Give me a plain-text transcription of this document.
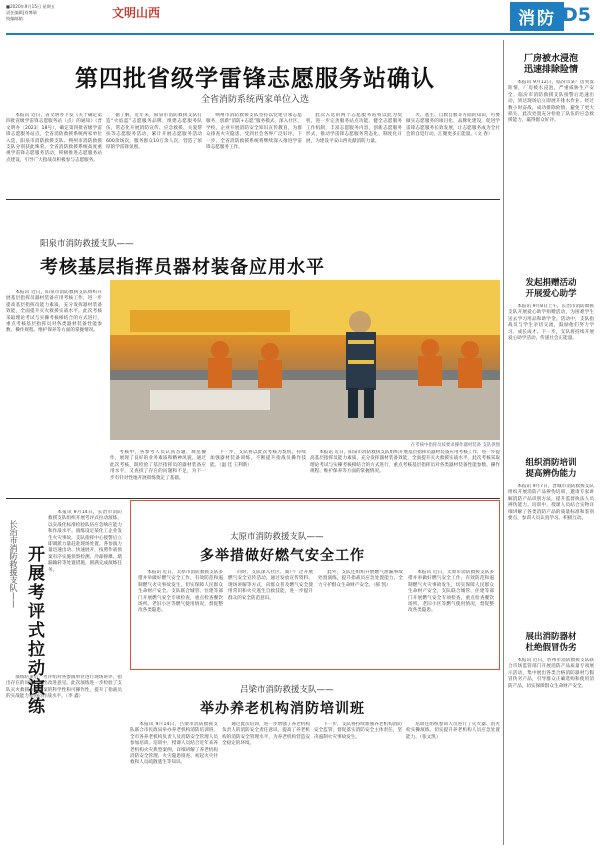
■2020年9月15日 星期五
责任编辑|刘博瑞
校编邮箱：	文明山西	消防 D5
第四批省级学雷锋志愿服务站确认
全省消防系统两家单位入选

本报讯 近日，省文明办下发《关于确定第四批省级学雷锋志愿服务站（点）的通知》（晋文明办〔2023〕18号），确定第四批省级学雷锋志愿服务站点。全省消防救援系统两家单位入选，阳泉市消防救援支队、朔州市消防救援支队分别获此殊荣。全省消防救援系统高度重视学雷锋志愿服务活动，积极推进志愿服务站点建设，引导广大指战员积极参与志愿服务。

据了解，近年来，阳泉市消防救援支队打造“火焰蓝”志愿服务品牌，组建志愿服务队伍，常态化开展消防宣传、应急救援、关爱帮扶等志愿服务活动，累计开展志愿服务活动600余场次，服务群众10万余人次，营造了浓厚的学雷锋氛围。

朔州市消防救援支队坚持以党建引领志愿服务，创新“消防+志愿”服务模式，深入社区、学校、企业开展消防安全知识宣传教育，为群众排查火灾隐患，受到社会各界广泛好评。下一步，全省消防救援系统将继续深入推进学雷锋志愿服务工作。

此次入选的两个志愿服务站将以此为契机，进一步完善服务站点功能，健全志愿服务工作机制，丰富志愿服务内容，创新志愿服务形式，推动学雷锋志愿服务常态化、制度化开展，为建设平安山西贡献消防力量。

火、逃生、自救自救等方面的知识，可要做实志愿服务的项目化、品牌化建设，促进学雷锋志愿服务长效发展，让志愿服务成为全社会的自觉行动，汇聚更多正能量。（文 春）

阳泉市消防救援支队——
考核基层指挥员器材装备应用水平

本报讯 近日，阳泉市消防救援支队组织开展基层指挥员器材装备应用考核工作，进一步提高基层指挥员能力素质，充分发挥器材装备效能，全面提升灭火救援实战水平。此次考核采取理论考试与实操考核相结合的方式进行，重点考核基层指挥员对各类器材装备性能参数、操作规程、维护保养等方面的掌握情况。

在考核中指挥员按要求操作器材装备 支队供图

考核中，各参考人员认真答题、规范操作，展现了良好的业务素质和精神风貌。通过此次考核，既检验了基层指挥员的器材装备应用水平，又查找了存在的问题和不足，为下一步有针对性地开展训练奠定了基础。

下一步，支队将以此次考核为契机，持续加强器材装备训练，不断提升指战员操作技能。（温 佳 王利新）

本报讯 近日，阳泉市消防救援支队组织开展基层指挥员器材装备应用考核工作，进一步提高基层指挥员能力素质，充分发挥器材装备效能，全面提升灭火救援实战水平。此次考核采取理论考试与实操考核相结合的方式进行，重点考核基层指挥员对各类器材装备性能参数、操作规程、维护保养等方面的掌握情况。

长治市消防救援支队—— 开展考评式拉动演练

本报讯 9月14日，长治市消防救援支队组织开展考评式拉动演练，以实战化标准检验队伍应急响应能力和作战水平。演练设定某化工企业发生火灾事故，支队指挥中心接警后立即调派力量赶赴现场处置。各参演力量迅速出动、快速展开，按照作战预案有序实施侦察检测、冷却抑爆、堵漏输转等处置措施，圆满完成演练任务。

演练结束后，考评组对各参演单位进行现场讲评，指出存在的问题，提出改进意见。此次演练进一步检验了支队灭火救援作战预案的科学性和可操作性，提升了指战员的实战能力和协同作战水平。（李 鑫）

太原市消防救援支队——
多举措做好燃气安全工作

本报讯 近日，太原市消防救援支队多措并举做好燃气安全工作，有效防范和遏制燃气火灾事故发生，切实保障人民群众生命财产安全。支队联合城管、住建等部门开展燃气安全专项检查，重点检查餐饮场所、老旧小区等燃气使用情况，督促整改各类隐患。

同时，支队深入社区、商户广泛开展燃气安全宣传活动，通过发放宣传资料、现场讲解等方式，向群众普及燃气安全使用常识和火灾逃生自救技能，进一步提升群众的安全防范意识。

此外，支队还组织开展燃气泄漏事故处置演练，提升指战员应急处置能力，全力守护群众生命财产安全。（郝 凯）

本报讯 近日，太原市消防救援支队多措并举做好燃气安全工作，有效防范和遏制燃气火灾事故发生，切实保障人民群众生命财产安全。支队联合城管、住建等部门开展燃气安全专项检查，重点检查餐饮场所、老旧小区等燃气使用情况，督促整改各类隐患。

吕梁市消防救援支队——
举办养老机构消防培训班

本报讯 9月14日，吕梁市消防救援支队联合市民政局举办养老机构消防培训班，全市各养老机构负责人及消防安全管理人员参加培训。培训中，授课人员结合近年来养老机构火灾典型案例，详细讲解了养老机构消防安全管理、火灾隐患排查、初起火灾扑救和人员疏散逃生等知识。

通过此次培训，进一步增强了养老机构负责人的消防安全责任意识，提高了养老机构的消防安全管理水平，为养老机构营造安全稳定的环境。

下一步，支队将持续加强养老机构消防安全监管，督促落实消防安全主体责任，坚决遏制火灾事故发生。

培训还组织参训人员进行了灭火器、消火栓实操演练，切实提升养老机构人员应急处置能力。（张文凯）

厂房被水浸泡
迅速排除险情

本报讯 9月12日，临汾市某厂房突发险情，厂房被水浸泡，严重威胁生产安全。临汾市消防救援支队接警后迅速出动，到达现场后立即展开排水作业。经过数小时奋战，成功排除险情，避免了更大损失。此次处置充分检验了队伍的应急救援能力，赢得群众好评。

发起捐赠活动
开展爱心助学

本报讯 9月8日上午，长治市消防救援支队开展爱心助学捐赠活动，为困难学生送去学习用品和助学金。活动中，支队指战员与学生亲切交流，鼓励他们努力学习、成长成才。下一步，支队将持续开展爱心助学活动，传递社会正能量。

组织消防培训
提高辨伪能力

本报讯 9月7日，晋城市消防救援支队组织开展消防产品辨伪培训，邀请专家讲解消防产品识别方法，提升监督执法人员辨伪能力。培训中，授课人员结合实物详细讲解了各类消防产品的质量标准和鉴别要点，参训人员认真学习、积极互动。

展出消防器材
杜绝假冒伪劣

本报讯 近日，忻州市消防救援支队联合市场监管部门开展消防产品质量专项展示活动，集中展出各类合格消防器材与假冒伪劣产品，引导群众正确选购和使用消防产品，切实保障群众生命财产安全。
